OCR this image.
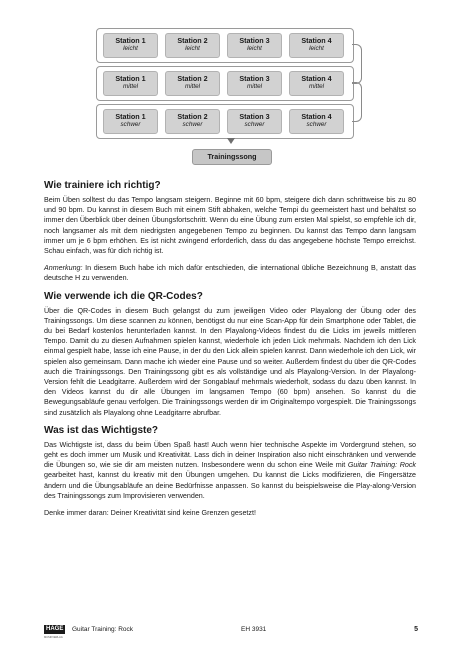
Station 1
leicht
Station 2
leicht
Station 3
leicht
Station 4
leicht
Station 1
mittel
Station 2
mittel
Station 3
mittel
Station 4
mittel
Station 1
schwer
Station 2
schwer
Station 3
schwer
Station 4
schwer
Trainingssong
Wie trainiere ich richtig?

Beim Üben solltest du das Tempo langsam steigern. Beginne mit 60 bpm, steigere dich dann schrittweise bis zu 80 und 90 bpm. Du kannst in diesem Buch mit einem Stift abhaken, welche Tempi du geemeistert hast und behältst so immer den Überblick über deinen Übungsfortschritt. Wenn du eine Übung zum ersten Mal spielst, so empfehle ich dir, noch langsamer als mit dem niedrigsten angegebenen Tempo zu beginnen. Du kannst das Tempo dann langsam immer um je 6 bpm erhöhen. Es ist nicht zwingend erforderlich, dass du das angegebene höchste Tempo erreichst. Schau einfach, was für dich richtig ist.

Anmerkung: In diesem Buch habe ich mich dafür entschieden, die international übliche Bezeichnung B, anstatt das deutsche H zu verwenden.

Wie verwende ich die QR-Codes?

Über die QR-Codes in diesem Buch gelangst du zum jeweiligen Video oder Playalong der Übung oder des Trainingssongs. Um diese scannen zu können, benötigst du nur eine Scan-App für dein Smartphone oder Tablet, die du bei Bedarf kostenlos herunterladen kannst. In den Playalong-Videos findest du die Licks im jeweils mittleren Tempo. Damit du zu diesen Aufnahmen spielen kannst, wiederhole ich jeden Lick mehrmals. Nachdem ich den Lick einmal gespielt habe, lasse ich eine Pause, in der du den Lick allein spielen kannst. Dann wiederhole ich den Lick, wir spielen also gemeinsam. Dann mache ich wieder eine Pause und so weiter. Außerdem findest du über die QR-Codes auch die Trainingssongs. Den Trainingssong gibt es als vollständige und als Playalong-Version. In der Playalong-Version fehlt die Leadgitarre. Außerdem wird der Songablauf mehrmals wiederholt, sodass du dazu üben kannst. In den Videos kannst du dir alle Übungen im langsamen Tempo (60 bpm) ansehen. So kannst du die Bewegungsabläufe genau verfolgen. Die Trainingssongs werden dir im Originaltempo vorgespielt. Die Trainingssongs sind zusätzlich als Playalong ohne Leadgitarre abrufbar.

Was ist das Wichtigste?

Das Wichtigste ist, dass du beim Üben Spaß hast! Auch wenn hier technische Aspekte im Vordergrund stehen, so geht es doch immer um Musik und Kreativität. Lass dich in deiner Inspiration also nicht einschränken und verwende die Übungen so, wie sie dir am meisten nutzen. Insbesondere wenn du schon eine Weile mit Guitar Training: Rock gearbeitet hast, kannst du kreativ mit den Übungen umgehen. Du kannst die Licks modifizieren, die Fingersätze ändern und die Übungsabläufe an deine Bedürfnisse anpassen. So kannst du beispielsweise die Play-along-Version des Trainingssongs zum Improvisieren verwenden.

Denke immer daran: Deiner Kreativität sind keine Grenzen gesetzt!

HAGE
MUSIKVERLAG
Guitar Training: Rock	EH 3931	5
